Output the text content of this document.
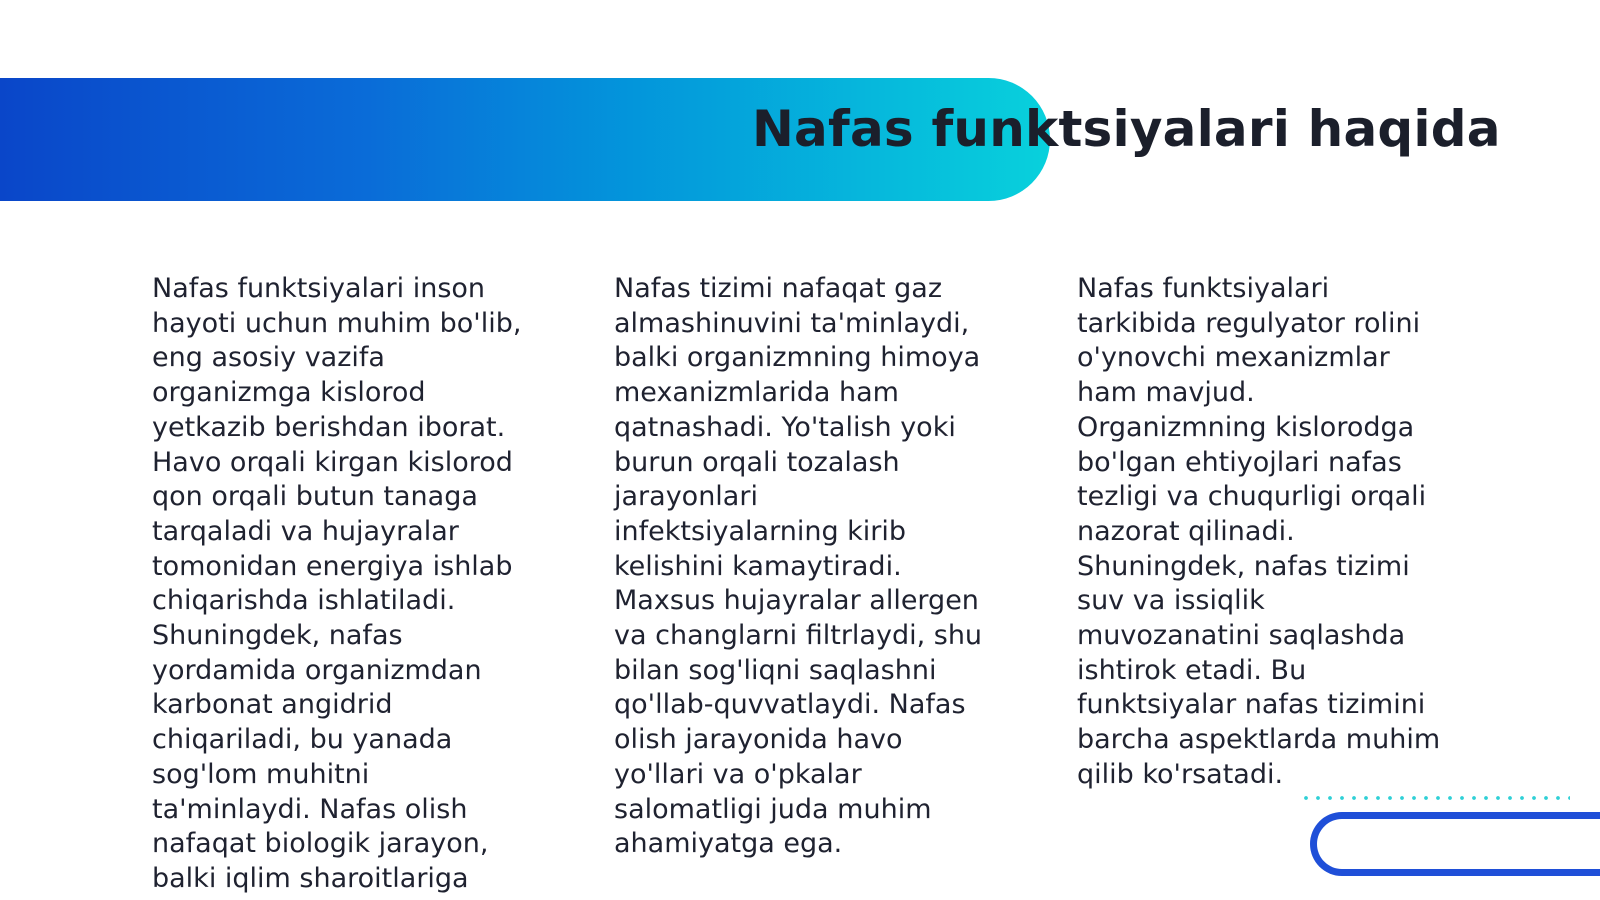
Nafas funktsiyalari haqida

Nafas funktsiyalari inson
hayoti uchun muhim bo'lib,
eng asosiy vazifa
organizmga kislorod
yetkazib berishdan iborat.
Havo orqali kirgan kislorod
qon orqali butun tanaga
tarqaladi va hujayralar
tomonidan energiya ishlab
chiqarishda ishlatiladi.
Shuningdek, nafas
yordamida organizmdan
karbonat angidrid
chiqariladi, bu yanada
sog'lom muhitni
ta'minlaydi. Nafas olish
nafaqat biologik jarayon,
balki iqlim sharoitlariga

Nafas tizimi nafaqat gaz
almashinuvini ta'minlaydi,
balki organizmning himoya
mexanizmlarida ham
qatnashadi. Yo'talish yoki
burun orqali tozalash
jarayonlari
infektsiyalarning kirib
kelishini kamaytiradi.
Maxsus hujayralar allergen
va changlarni filtrlaydi, shu
bilan sog'liqni saqlashni
qo'llab-quvvatlaydi. Nafas
olish jarayonida havo
yo'llari va o'pkalar
salomatligi juda muhim
ahamiyatga ega.

Nafas funktsiyalari
tarkibida regulyator rolini
o'ynovchi mexanizmlar
ham mavjud.
Organizmning kislorodga
bo'lgan ehtiyojlari nafas
tezligi va chuqurligi orqali
nazorat qilinadi.
Shuningdek, nafas tizimi
suv va issiqlik
muvozanatini saqlashda
ishtirok etadi. Bu
funktsiyalar nafas tizimini
barcha aspektlarda muhim
qilib ko'rsatadi.
